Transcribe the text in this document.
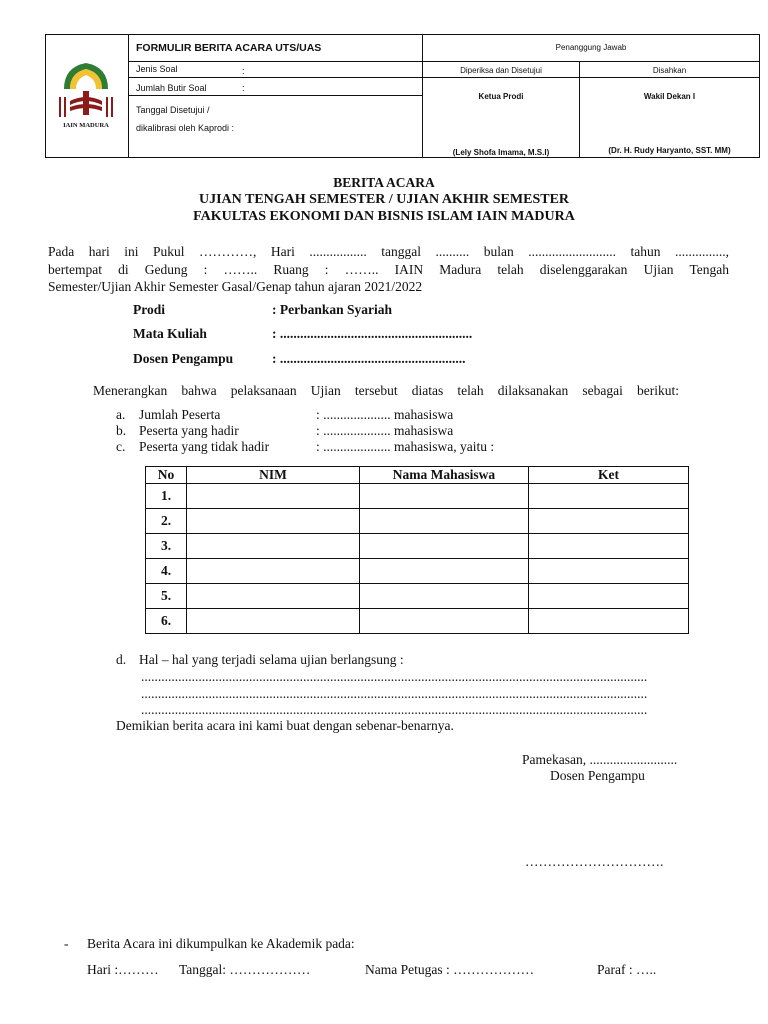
IAIN MADURA
FORMULIR BERITA ACARA UTS/UAS
Jenis Soal	:
Jumlah Butir Soal	:
Tanggal Disetujui /
dikalibrasi oleh Kaprodi :
Penanggung Jawab
Diperiksa dan Disetujui	Disahkan
Ketua Prodi	Wakil Dekan I
(Lely Shofa Imama, M.S.I)	(Dr. H. Rudy Haryanto, SST. MM)
BERITA ACARA
UJIAN TENGAH SEMESTER / UJIAN AKHIR SEMESTER
FAKULTAS EKONOMI DAN BISNIS ISLAM IAIN MADURA
Pada hari ini Pukul …………, Hari ................. tanggal .......... bulan .......................... tahun ...............,
bertempat di Gedung : …….. Ruang : …….. IAIN Madura telah diselenggarakan Ujian Tengah
Semester/Ujian Akhir Semester Gasal/Genap tahun ajaran 2021/2022
Prodi	: Perbankan Syariah
Mata Kuliah	: .........................................................
Dosen Pengampu	: .......................................................
Menerangkan bahwa pelaksanaan Ujian tersebut diatas telah dilaksanakan sebagai berikut:
a. Jumlah Peserta	: .................... mahasiswa
b. Peserta yang hadir	: .................... mahasiswa
c. Peserta yang tidak hadir	: .................... mahasiswa, yaitu :
No	NIM	Nama Mahasiswa	Ket
1.			
2.			
3.			
4.			
5.			
6.			
d. Hal – hal yang terjadi selama ujian berlangsung :
......................................................................................................................................................
......................................................................................................................................................
......................................................................................................................................................
Demikian berita acara ini kami buat dengan sebenar-benarnya.
Pamekasan, ..........................
Dosen Pengampu
………………………….
- Berita Acara ini dikumpulkan ke Akademik pada:
Hari :……… Tanggal: ………………	Nama Petugas : ………………	Paraf : …..
